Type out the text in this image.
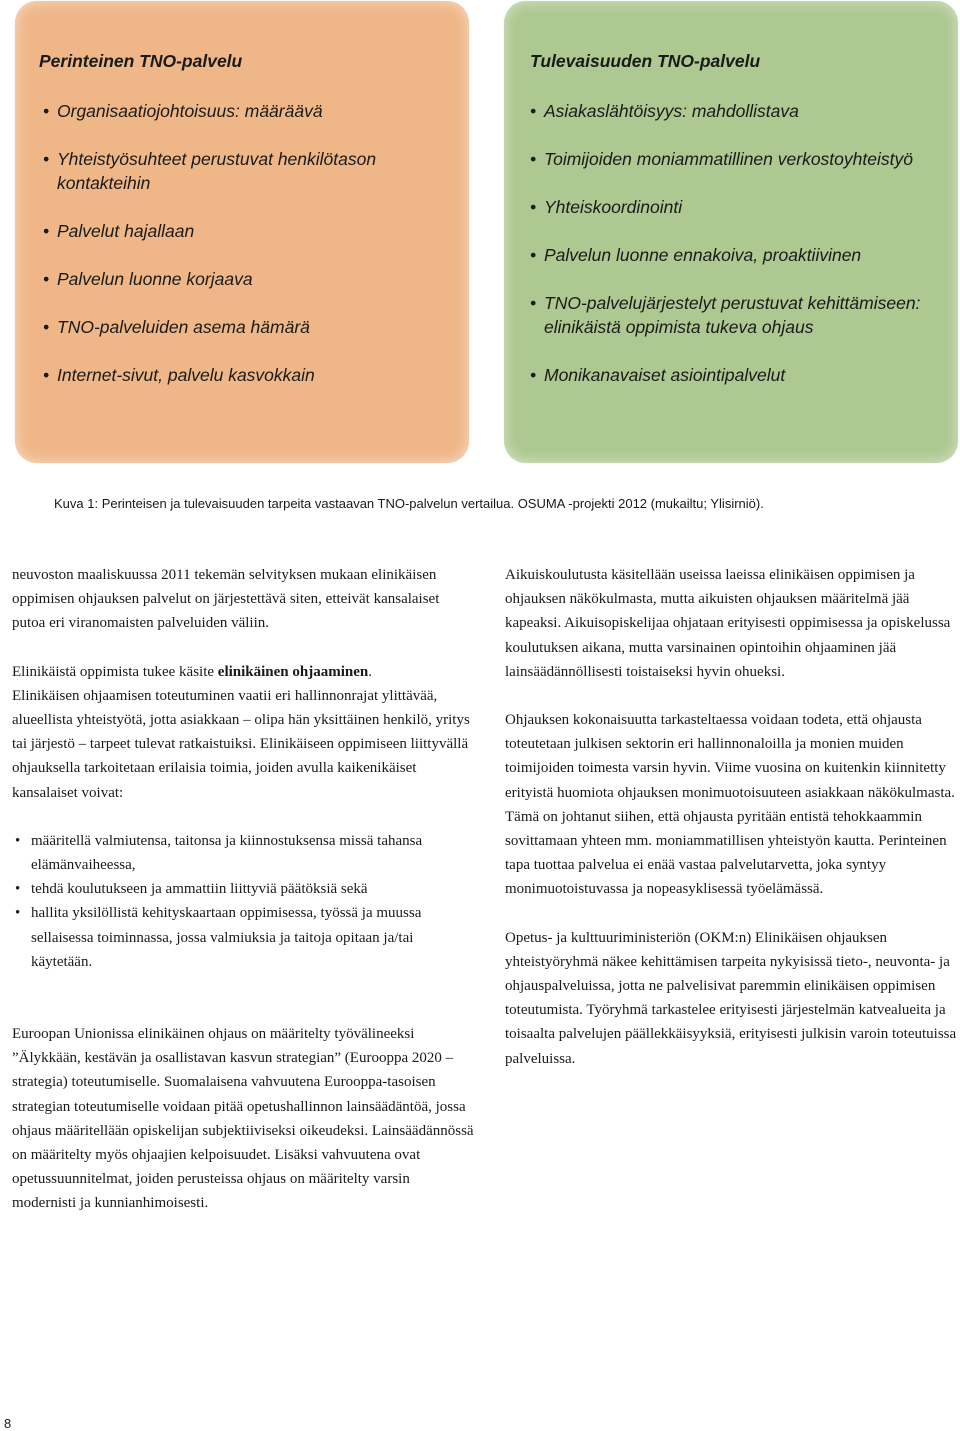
Perinteinen TNO-palvelu
• Organisaatiojohtoisuus: määräävä
• Yhteistyösuhteet perustuvat henkilötason kontakteihin
• Palvelut hajallaan
• Palvelun luonne korjaava
• TNO-palveluiden asema hämärä
• Internet-sivut, palvelu kasvokkain
Tulevaisuuden TNO-palvelu
• Asiakaslähtöisyys: mahdollistava
• Toimijoiden moniammatillinen verkostoyhteistyö
• Yhteiskoordinointi
• Palvelun luonne ennakoiva, proaktiivinen
• TNO-palvelujärjestelyt perustuvat kehittämiseen: elinikäistä oppimista tukeva ohjaus
• Monikanavaiset asiointipalvelut

Kuva 1: Perinteisen ja tulevaisuuden tarpeita vastaavan TNO-palvelun vertailua. OSUMA -projekti 2012 (mukailtu; Ylisirniö).

neuvoston maaliskuussa 2011 tekemän selvityksen mukaan elinikäisen oppimisen ohjauksen palvelut on järjestettävä siten, etteivät kansalaiset putoa eri viranomaisten palveluiden väliin.

Elinikäistä oppimista tukee käsite elinikäinen ohjaaminen.

Elinikäisen ohjaamisen toteutuminen vaatii eri hallinnonrajat ylittävää, alueellista yhteistyötä, jotta asiakkaan – olipa hän yksittäinen henkilö, yritys tai järjestö – tarpeet tulevat ratkaistuiksi. Elinikäiseen oppimiseen liittyvällä ohjauksella tarkoitetaan erilaisia toimia, joiden avulla kaikenikäiset kansalaiset voivat:

• määritellä valmiutensa, taitonsa ja kiinnostuksensa missä tahansa elämänvaiheessa,
• tehdä koulutukseen ja ammattiin liittyviä päätöksiä sekä
• hallita yksilöllistä kehityskaartaan oppimisessa, työssä ja muussa sellaisessa toiminnassa, jossa valmiuksia ja taitoja opitaan ja/tai käytetään.

Euroopan Unionissa elinikäinen ohjaus on määritelty työvälineeksi ”Älykkään, kestävän ja osallistavan kasvun strategian” (Eurooppa 2020 – strategia) toteutumiselle. Suomalaisena vahvuutena Eurooppa-tasoisen strategian toteutumiselle voidaan pitää opetushallinnon lainsäädäntöä, jossa ohjaus määritellään opiskelijan subjektiiviseksi oikeudeksi. Lainsäädännössä on määritelty myös ohjaajien kelpoisuudet. Lisäksi vahvuutena ovat opetussuunnitelmat, joiden perusteissa ohjaus on määritelty varsin modernisti ja kunnianhimoisesti.

Aikuiskoulutusta käsitellään useissa laeissa elinikäisen oppimisen ja ohjauksen näkökulmasta, mutta aikuisten ohjauksen määritelmä jää kapeaksi. Aikuisopiskelijaa ohjataan erityisesti oppimisessa ja opiskelussa koulutuksen aikana, mutta varsinainen opintoihin ohjaaminen jää lainsäädännöllisesti toistaiseksi hyvin ohueksi.

Ohjauksen kokonaisuutta tarkasteltaessa voidaan todeta, että ohjausta toteutetaan julkisen sektorin eri hallinnonaloilla ja monien muiden toimijoiden toimesta varsin hyvin. Viime vuosina on kuitenkin kiinnitetty erityistä huomiota ohjauksen monimuotoisuuteen asiakkaan näkökulmasta. Tämä on johtanut siihen, että ohjausta pyritään entistä tehokkaammin sovittamaan yhteen mm. moniammatillisen yhteistyön kautta. Perinteinen tapa tuottaa palvelua ei enää vastaa palvelutarvetta, joka syntyy monimuotoistuvassa ja nopeasyklisessä työelämässä.

Opetus- ja kulttuuriministeriön (OKM:n) Elinikäisen ohjauksen yhteistyöryhmä näkee kehittämisen tarpeita nykyisissä tieto-, neuvonta- ja ohjauspalveluissa, jotta ne palvelisivat paremmin elinikäisen oppimisen toteutumista. Työryhmä tarkastelee erityisesti järjestelmän katvealueita ja toisaalta palvelujen päällekkäisyyksiä, erityisesti julkisin varoin toteutuissa palveluissa.

8
